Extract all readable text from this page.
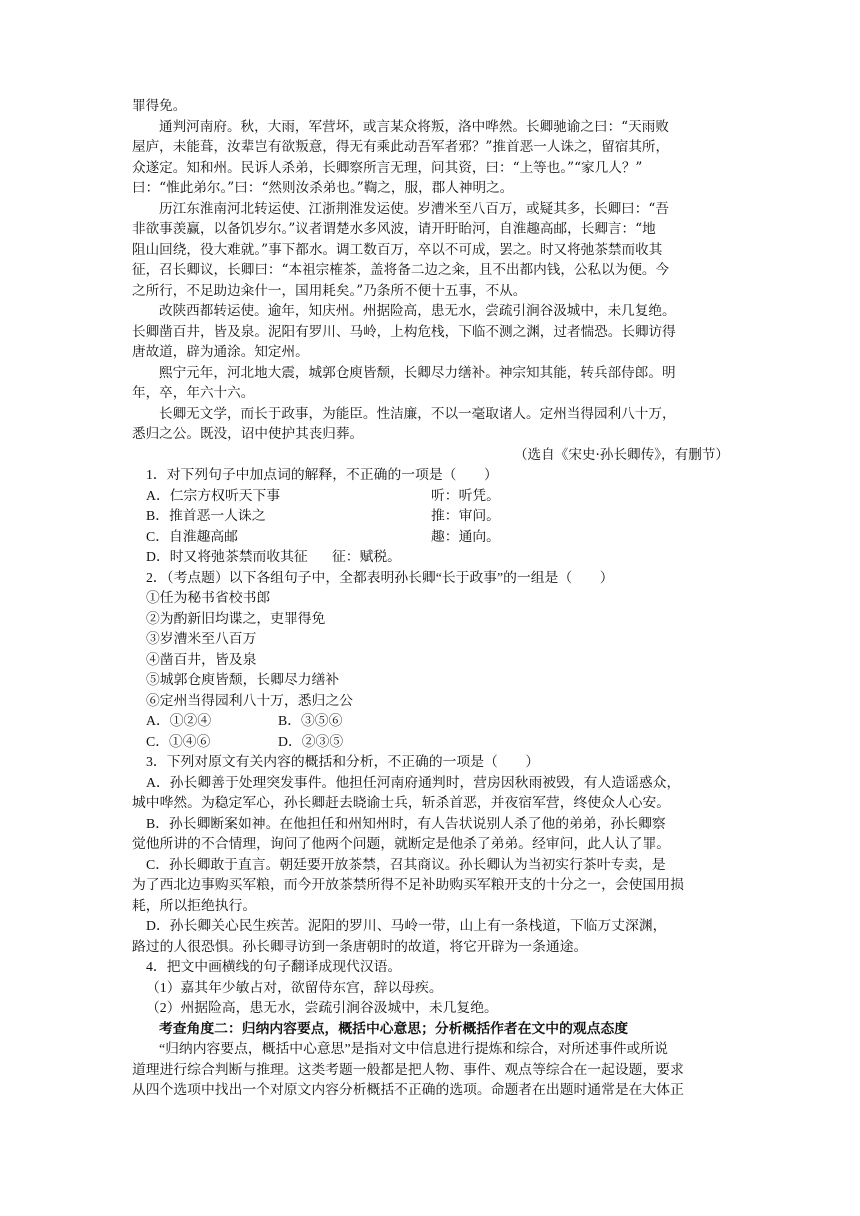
罪得免。
通判河南府。秋，大雨，军营坏，或言某众将叛，洛中哗然。长卿驰谕之曰：“天雨败
屋庐，未能葺，汝辈岂有欲叛意，得无有乘此动吾军者邪？”推首恶一人诛之，留宿其所，
众遂定。知和州。民诉人杀弟，长卿察所言无理，问其资，曰：“上等也。”“家几人？”
曰：“惟此弟尔。”曰：“然则汝杀弟也。”鞫之，服，郡人神明之。
历江东淮南河北转运使、江浙荆淮发运使。岁漕米至八百万，或疑其多，长卿曰：“吾
非欲事羡赢，以备饥岁尔。”议者谓楚水多风波，请开盱眙河，自淮趣高邮，长卿言：“地
阻山回绕，役大难就。”事下都水。调工数百万，卒以不可成，罢之。时又将弛茶禁而收其
征，召长卿议，长卿曰：“本祖宗榷茶，盖将备二边之籴，且不出都内钱，公私以为便。今
之所行，不足助边籴什一，国用耗矣。”乃条所不便十五事，不从。
改陕西都转运使。逾年，知庆州。州据险高，患无水，尝疏引涧谷汲城中，未几复绝。
长卿凿百井，皆及泉。泥阳有罗川、马岭，上构危栈，下临不测之渊，过者惴恐。长卿访得
唐故道，辟为通涂。知定州。
熙宁元年，河北地大震，城郭仓庾皆颓，长卿尽力缮补。神宗知其能，转兵部侍郎。明
年，卒，年六十六。
长卿无文学，而长于政事，为能臣。性洁廉，不以一毫取诸人。定州当得园利八十万，
悉归之公。既没，诏中使护其丧归葬。
（选自《宋史·孙长卿传》，有删节）
1．对下列句子中加点词的解释，不正确的一项是（　　）
A．仁宗方权听天下事	听：听凭。
B．推首恶一人诛之	推：审问。
C．自淮趣高邮	趣：通向。
D．时又将弛茶禁而收其征 征：赋税。
2．（考点题）以下各组句子中，全都表明孙长卿“长于政事”的一组是（　　）
①任为秘书省校书郎
②为酌新旧均谍之，吏罪得免
③岁漕米至八百万
④凿百井，皆及泉
⑤城郭仓庾皆颓，长卿尽力缮补
⑥定州当得园利八十万，悉归之公
A．①②④	B．③⑤⑥
C．①④⑥	D．②③⑤
3．下列对原文有关内容的概括和分析，不正确的一项是（　　）
A．孙长卿善于处理突发事件。他担任河南府通判时，营房因秋雨被毁，有人造谣惑众，
城中哗然。为稳定军心，孙长卿赶去晓谕士兵，斩杀首恶，并夜宿军营，终使众人心安。
B．孙长卿断案如神。在他担任和州知州时，有人告状说别人杀了他的弟弟，孙长卿察
觉他所讲的不合情理，询问了他两个问题，就断定是他杀了弟弟。经审问，此人认了罪。
C．孙长卿敢于直言。朝廷要开放茶禁，召其商议。孙长卿认为当初实行茶叶专卖，是
为了西北边事购买军粮，而今开放茶禁所得不足补助购买军粮开支的十分之一，会使国用损
耗，所以拒绝执行。
D．孙长卿关心民生疾苦。泥阳的罗川、马岭一带，山上有一条栈道，下临万丈深渊，
路过的人很恐惧。孙长卿寻访到一条唐朝时的故道，将它开辟为一条通途。
4．把文中画横线的句子翻译成现代汉语。
（1）嘉其年少敏占对，欲留侍东宫，辞以母疾。
（2）州据险高，患无水，尝疏引涧谷汲城中，未几复绝。
考查角度二：归纳内容要点，概括中心意思；分析概括作者在文中的观点态度
“归纳内容要点，概括中心意思”是指对文中信息进行提炼和综合，对所述事件或所说
道理进行综合判断与推理。这类考题一般都是把人物、事件、观点等综合在一起设题，要求
从四个选项中找出一个对原文内容分析概括不正确的选项。命题者在出题时通常是在大体正
